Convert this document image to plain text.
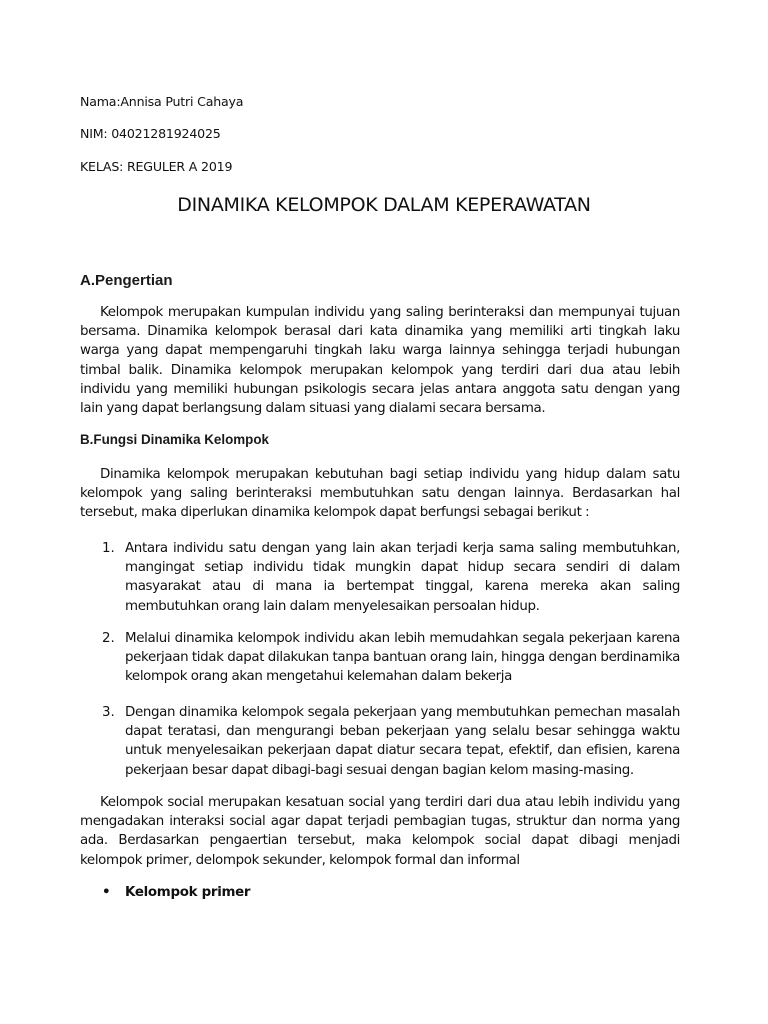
Nama:Annisa Putri Cahaya
NIM: 04021281924025
KELAS: REGULER A 2019
DINAMIKA KELOMPOK DALAM KEPERAWATAN
A.Pengertian

Kelompok merupakan kumpulan individu yang saling berinteraksi dan mempunyai tujuan bersama. Dinamika kelompok berasal dari kata dinamika yang memiliki arti tingkah laku warga yang dapat mempengaruhi tingkah laku warga lainnya sehingga terjadi hubungan timbal balik. Dinamika kelompok merupakan kelompok yang terdiri dari dua atau lebih individu yang memiliki hubungan psikologis secara jelas antara anggota satu dengan yang lain yang dapat berlangsung dalam situasi yang dialami secara bersama.

B.Fungsi Dinamika Kelompok

Dinamika kelompok merupakan kebutuhan bagi setiap individu yang hidup dalam satu kelompok yang saling berinteraksi membutuhkan satu dengan lainnya. Berdasarkan hal tersebut, maka diperlukan dinamika kelompok dapat berfungsi sebagai berikut :

1. Antara individu satu dengan yang lain akan terjadi kerja sama saling membutuhkan, mangingat setiap individu tidak mungkin dapat hidup secara sendiri di dalam masyarakat atau di mana ia bertempat tinggal, karena mereka akan saling membutuhkan orang lain dalam menyelesaikan persoalan hidup.

2. Melalui dinamika kelompok individu akan lebih memudahkan segala pekerjaan karena pekerjaan tidak dapat dilakukan tanpa bantuan orang lain, hingga dengan berdinamika kelompok orang akan mengetahui kelemahan dalam bekerja

3. Dengan dinamika kelompok segala pekerjaan yang membutuhkan pemechan masalah dapat teratasi, dan mengurangi beban pekerjaan yang selalu besar sehingga waktu untuk menyelesaikan pekerjaan dapat diatur secara tepat, efektif, dan efisien, karena pekerjaan besar dapat dibagi-bagi sesuai dengan bagian kelom masing-masing.

Kelompok social merupakan kesatuan social yang terdiri dari dua atau lebih individu yang mengadakan interaksi social agar dapat terjadi pembagian tugas, struktur dan norma yang ada. Berdasarkan pengaertian tersebut, maka kelompok social dapat dibagi menjadi kelompok primer, delompok sekunder, kelompok formal dan informal

• Kelompok primer
